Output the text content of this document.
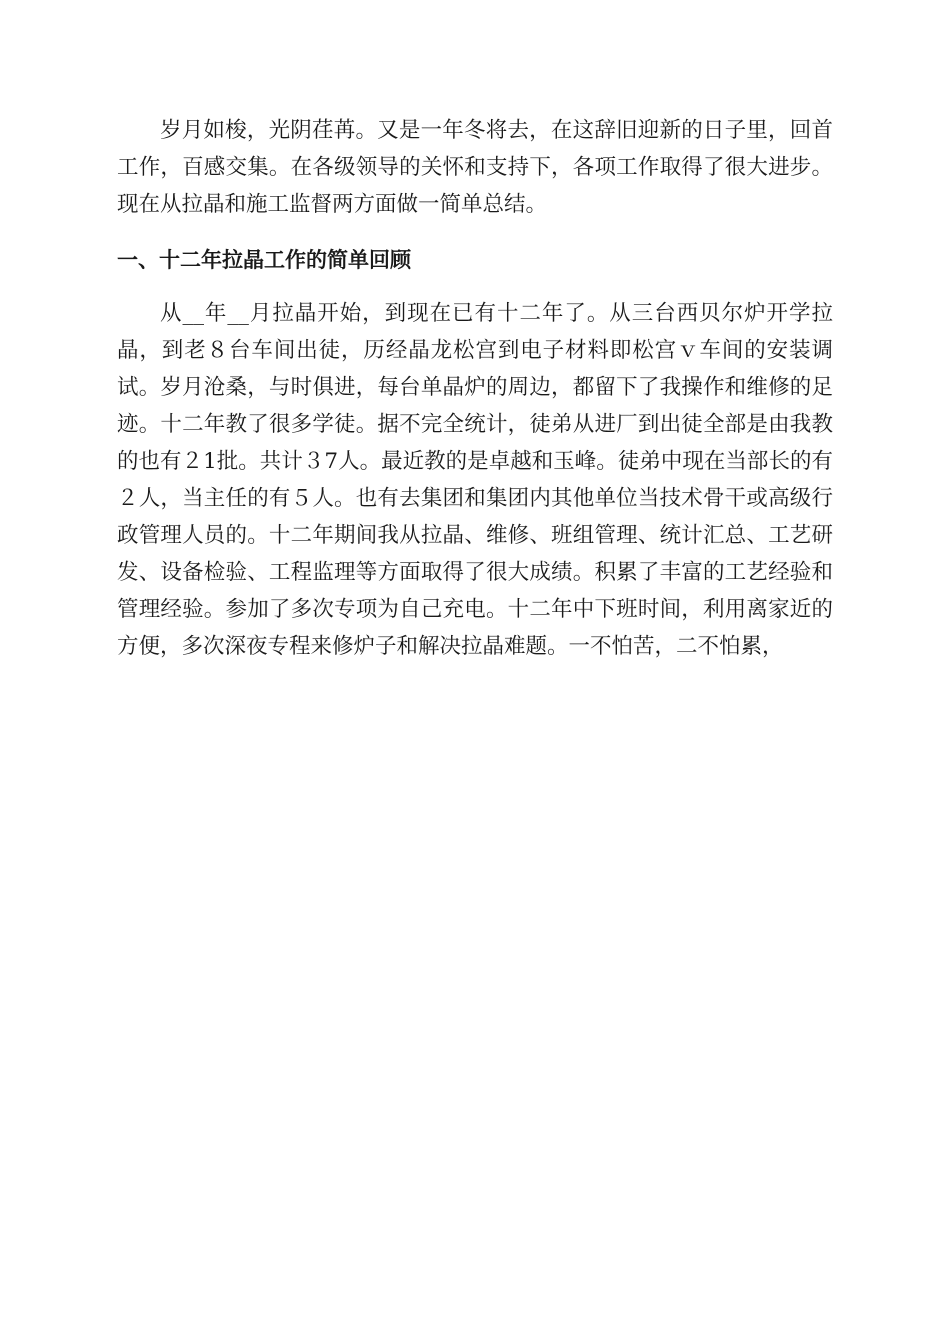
岁月如梭，光阴荏苒。又是一年冬将去，在这辞旧迎新的日子里，回首工作，百感交集。在各级领导的关怀和支持下，各项工作取得了很大进步。现在从拉晶和施工监督两方面做一简单总结。

一、十二年拉晶工作的简单回顾

从__年__月拉晶开始，到现在已有十二年了。从三台西贝尔炉开学拉晶，到老８台车间出徒，历经晶龙松宫到电子材料即松宫ｖ车间的安装调试。岁月沧桑，与时俱进，每台单晶炉的周边，都留下了我操作和维修的足迹。十二年教了很多学徒。据不完全统计，徒弟从进厂到出徒全部是由我教的也有２1批。共计３7人。最近教的是卓越和玉峰。徒弟中现在当部长的有２人，当主任的有５人。也有去集团和集团内其他单位当技术骨干或高级行政管理人员的。十二年期间我从拉晶、维修、班组管理、统计汇总、工艺研发、设备检验、工程监理等方面取得了很大成绩。积累了丰富的工艺经验和管理经验。参加了多次专项为自己充电。十二年中下班时间，利用离家近的方便，多次深夜专程来修炉子和解决拉晶难题。一不怕苦，二不怕累，
